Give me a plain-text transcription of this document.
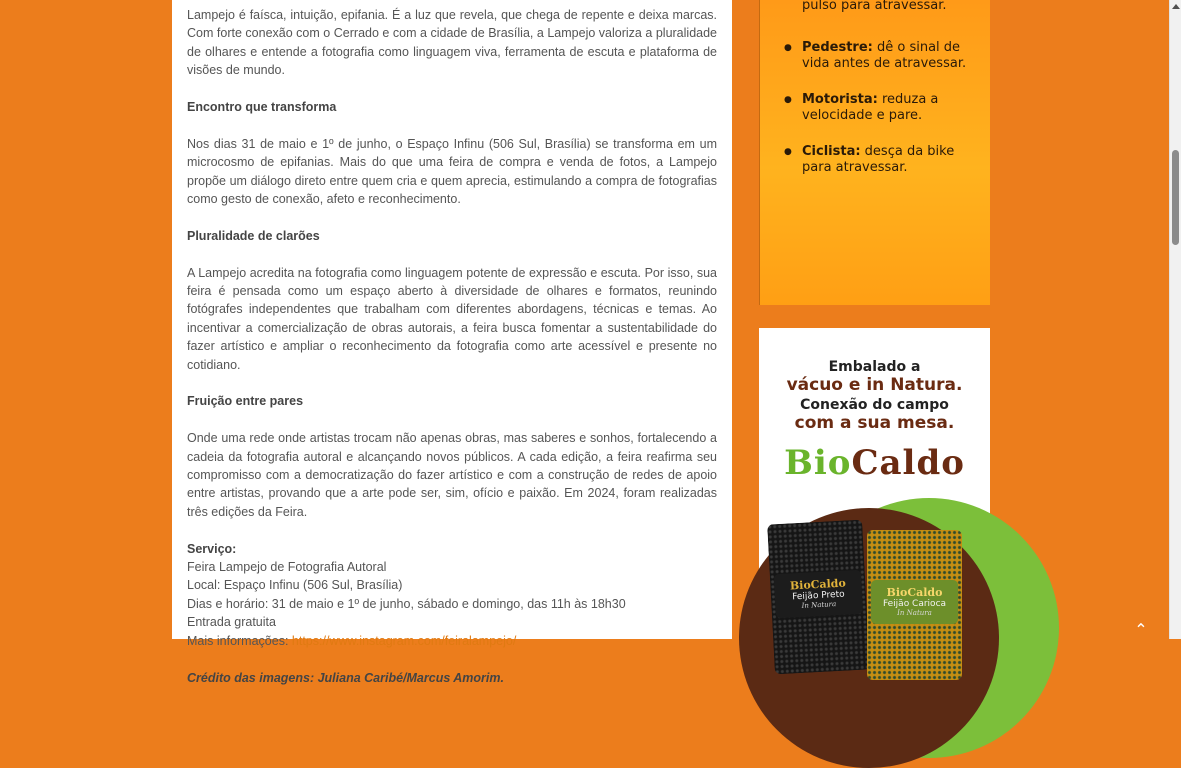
Lampejo é faísca, intuição, epifania. É a luz que revela, que chega de repente e deixa marcas. Com forte conexão com o Cerrado e com a cidade de Brasília, a Lampejo valoriza a pluralidade de olhares e entende a fotografia como linguagem viva, ferramenta de escuta e plataforma de visões de mundo.

Encontro que transforma

Nos dias 31 de maio e 1º de junho, o Espaço Infinu (506 Sul, Brasília) se transforma em um microcosmo de epifanias. Mais do que uma feira de compra e venda de fotos, a Lampejo propõe um diálogo direto entre quem cria e quem aprecia, estimulando a compra de fotografias como gesto de conexão, afeto e reconhecimento.

Pluralidade de clarões

A Lampejo acredita na fotografia como linguagem potente de expressão e escuta. Por isso, sua feira é pensada como um espaço aberto à diversidade de olhares e formatos, reunindo fotógrafes independentes que trabalham com diferentes abordagens, técnicas e temas. Ao incentivar a comercialização de obras autorais, a feira busca fomentar a sustentabilidade do fazer artístico e ampliar o reconhecimento da fotografia como arte acessível e presente no cotidiano.

Fruição entre pares

Onde uma rede onde artistas trocam não apenas obras, mas saberes e sonhos, fortalecendo a cadeia da fotografia autoral e alcançando novos públicos. A cada edição, a feira reafirma seu compromisso com a democratização do fazer artístico e com a construção de redes de apoio entre artistas, provando que a arte pode ser, sim, ofício e paixão. Em 2024, foram realizadas três edições da Feira.

Serviço:

Feira Lampejo de Fotografia Autoral

Local: Espaço Infinu (506 Sul, Brasília)

Dias e horário: 31 de maio e 1º de junho, sábado e domingo, das 11h às 18h30

Entrada gratuita

Mais informações: https://www.instagram.com/feiralampejo/

Crédito das imagens: Juliana Caribé/Marcus Amorim.

pulso para atravessar.
● Pedestre: dê o sinal de vida antes de atravessar.
● Motorista: reduza a velocidade e pare.
● Ciclista: desça da bike para atravessar.
Embalado a
vácuo e in Natura.
Conexão do campo
com a sua mesa.
BioCaldo
BioCaldo
Feijão Preto
In Natura
BioCaldo
Feijão Carioca
In Natura
⌃
